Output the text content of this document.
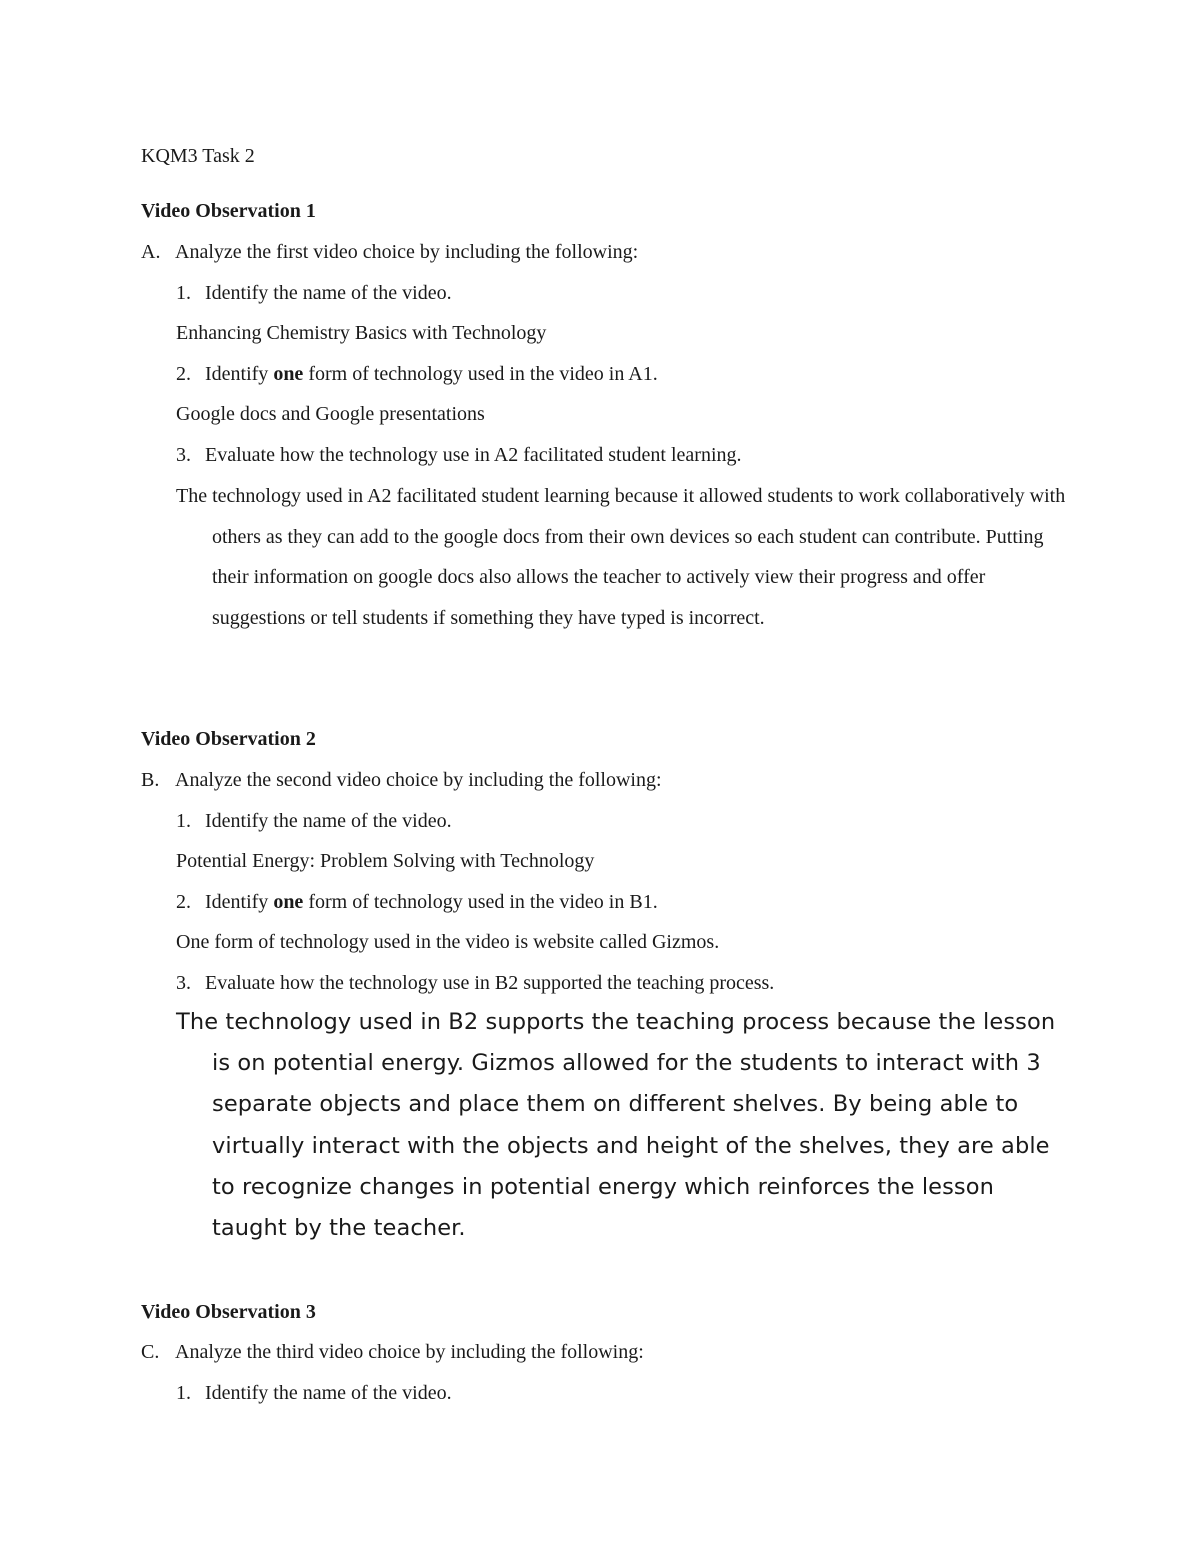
KQM3 Task 2
Video Observation 1
A. Analyze the first video choice by including the following:
1. Identify the name of the video.
Enhancing Chemistry Basics with Technology
2. Identify one form of technology used in the video in A1.
Google docs and Google presentations
3. Evaluate how the technology use in A2 facilitated student learning.
The technology used in A2 facilitated student learning because it allowed students to work collaboratively with others as they can add to the google docs from their own devices so each student can contribute. Putting their information on google docs also allows the teacher to actively view their progress and offer suggestions or tell students if something they have typed is incorrect.
Video Observation 2
B. Analyze the second video choice by including the following:
1. Identify the name of the video.
Potential Energy: Problem Solving with Technology
2. Identify one form of technology used in the video in B1.
One form of technology used in the video is website called Gizmos.
3. Evaluate how the technology use in B2 supported the teaching process.
The technology used in B2 supports the teaching process because the lesson is on potential energy. Gizmos allowed for the students to interact with 3 separate objects and place them on different shelves. By being able to virtually interact with the objects and height of the shelves, they are able to recognize changes in potential energy which reinforces the lesson taught by the teacher.
Video Observation 3
C. Analyze the third video choice by including the following:
1. Identify the name of the video.
